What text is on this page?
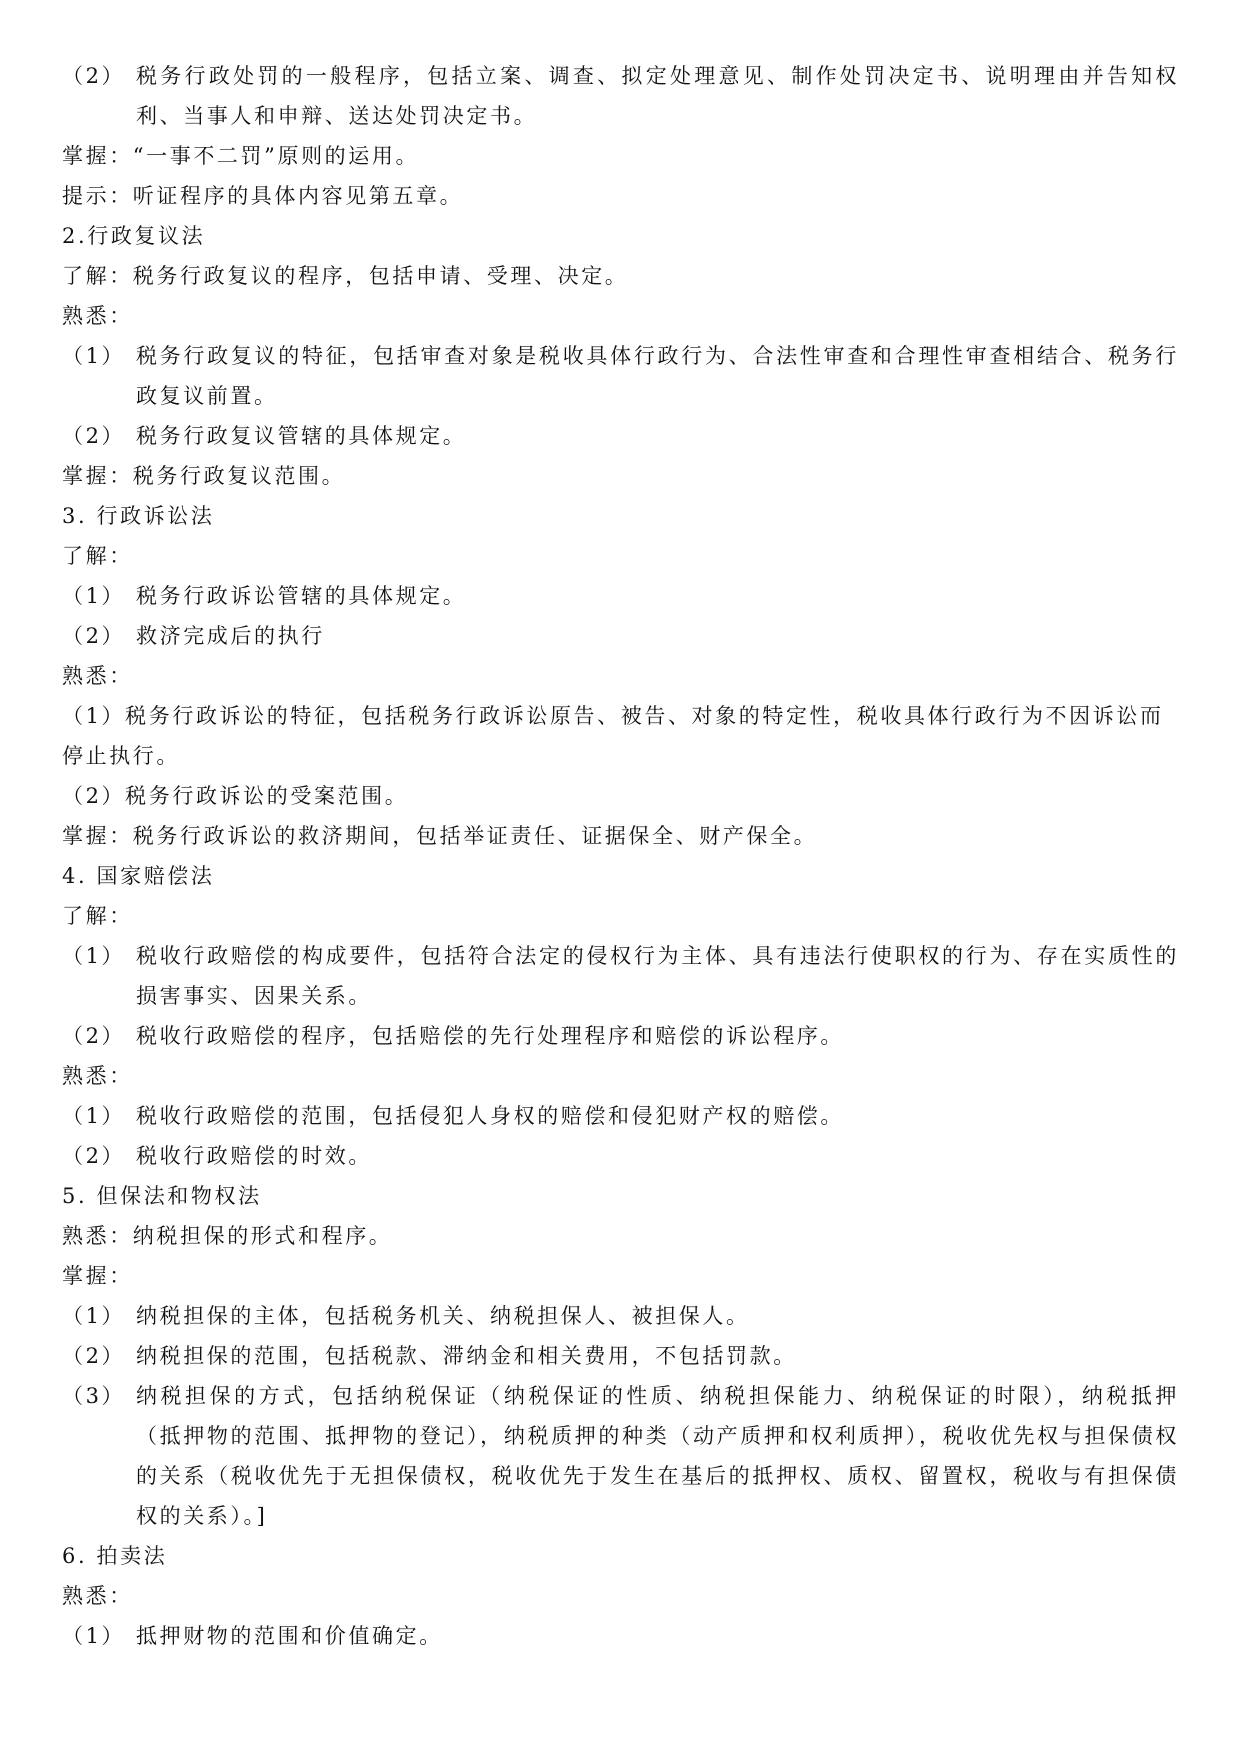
（2） 税务行政处罚的一般程序，包括立案、调查、拟定处理意见、制作处罚决定书、说明理由并告知权利、当事人和申辩、送达处罚决定书。
掌握：“一事不二罚”原则的运用。
提示：听证程序的具体内容见第五章。
2.行政复议法
了解：税务行政复议的程序，包括申请、受理、决定。
熟悉：
（1） 税务行政复议的特征，包括审查对象是税收具体行政行为、合法性审查和合理性审查相结合、税务行政复议前置。
（2） 税务行政复议管辖的具体规定。
掌握：税务行政复议范围。
3. 行政诉讼法
了解：
（1） 税务行政诉讼管辖的具体规定。
（2） 救济完成后的执行
熟悉：
（1）税务行政诉讼的特征，包括税务行政诉讼原告、被告、对象的特定性，税收具体行政行为不因诉讼而停止执行。
（2）税务行政诉讼的受案范围。
掌握：税务行政诉讼的救济期间，包括举证责任、证据保全、财产保全。
4. 国家赔偿法
了解：
（1） 税收行政赔偿的构成要件，包括符合法定的侵权行为主体、具有违法行使职权的行为、存在实质性的损害事实、因果关系。
（2） 税收行政赔偿的程序，包括赔偿的先行处理程序和赔偿的诉讼程序。
熟悉：
（1） 税收行政赔偿的范围，包括侵犯人身权的赔偿和侵犯财产权的赔偿。
（2） 税收行政赔偿的时效。
5. 但保法和物权法
熟悉：纳税担保的形式和程序。
掌握：
（1） 纳税担保的主体，包括税务机关、纳税担保人、被担保人。
（2） 纳税担保的范围，包括税款、滞纳金和相关费用，不包括罚款。
（3） 纳税担保的方式，包括纳税保证（纳税保证的性质、纳税担保能力、纳税保证的时限），纳税抵押（抵押物的范围、抵押物的登记），纳税质押的种类（动产质押和权利质押），税收优先权与担保债权的关系（税收优先于无担保债权，税收优先于发生在基后的抵押权、质权、留置权，税收与有担保债权的关系）。]
6. 拍卖法
熟悉：
（1） 抵押财物的范围和价值确定。
